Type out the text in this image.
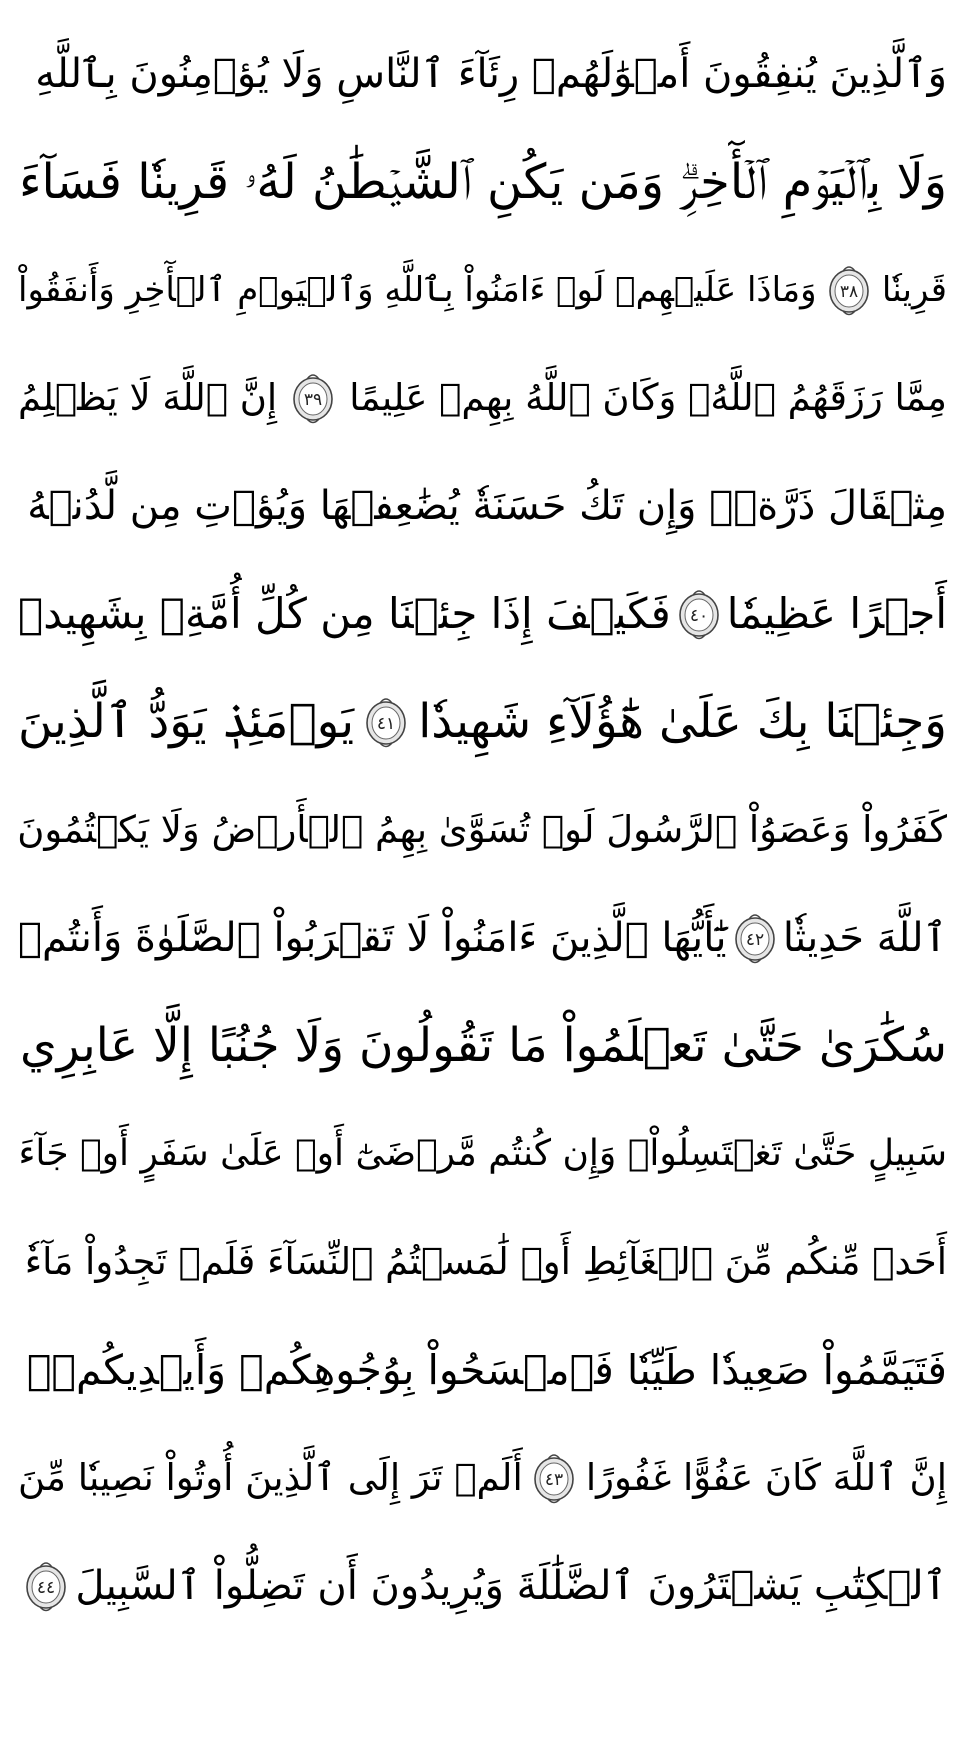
وَٱلَّذِينَ يُنفِقُونَ أَمۡوَٰلَهُمۡ رِئَآءَ ٱلنَّاسِ وَلَا يُؤۡمِنُونَ بِٱللَّهِ
وَلَا بِٱلۡيَوۡمِ ٱلۡأٓخِرِۗ وَمَن يَكُنِ ٱلشَّيۡطَٰنُ لَهُۥ قَرِينٗا فَسَآءَ
قَرِينٗا
٣٨
وَمَاذَا عَلَيۡهِمۡ لَوۡ ءَامَنُواْ بِٱللَّهِ وَٱلۡيَوۡمِ ٱلۡأٓخِرِ وَأَنفَقُواْ
مِمَّا رَزَقَهُمُ ٱللَّهُۚ وَكَانَ ٱللَّهُ بِهِمۡ عَلِيمًا
٣٩
إِنَّ ٱللَّهَ لَا يَظۡلِمُ
مِثۡقَالَ ذَرَّةٖۖ وَإِن تَكُ حَسَنَةٗ يُضَٰعِفۡهَا وَيُؤۡتِ مِن لَّدُنۡهُ
أَجۡرًا عَظِيمٗا
٤٠
فَكَيۡفَ إِذَا جِئۡنَا مِن كُلِّ أُمَّةِۭ بِشَهِيدٖ
وَجِئۡنَا بِكَ عَلَىٰ هَٰٓؤُلَآءِ شَهِيدٗا
٤١
يَوۡمَئِذٖ يَوَدُّ ٱلَّذِينَ
كَفَرُواْ وَعَصَوُاْ ٱلرَّسُولَ لَوۡ تُسَوَّىٰ بِهِمُ ٱلۡأَرۡضُ وَلَا يَكۡتُمُونَ
ٱللَّهَ حَدِيثٗا
٤٢
يَٰٓأَيُّهَا ٱلَّذِينَ ءَامَنُواْ لَا تَقۡرَبُواْ ٱلصَّلَوٰةَ وَأَنتُمۡ
سُكَٰرَىٰ حَتَّىٰ تَعۡلَمُواْ مَا تَقُولُونَ وَلَا جُنُبًا إِلَّا عَابِرِي
سَبِيلٍ حَتَّىٰ تَغۡتَسِلُواْۚ وَإِن كُنتُم مَّرۡضَىٰٓ أَوۡ عَلَىٰ سَفَرٍ أَوۡ جَآءَ
أَحَدٞ مِّنكُم مِّنَ ٱلۡغَآئِطِ أَوۡ لَٰمَسۡتُمُ ٱلنِّسَآءَ فَلَمۡ تَجِدُواْ مَآءٗ
فَتَيَمَّمُواْ صَعِيدٗا طَيِّبٗا فَٱمۡسَحُواْ بِوُجُوهِكُمۡ وَأَيۡدِيكُمۡۗ
إِنَّ ٱللَّهَ كَانَ عَفُوًّا غَفُورًا
٤٣
أَلَمۡ تَرَ إِلَى ٱلَّذِينَ أُوتُواْ نَصِيبٗا مِّنَ
ٱلۡكِتَٰبِ يَشۡتَرُونَ ٱلضَّلَٰلَةَ وَيُرِيدُونَ أَن تَضِلُّواْ ٱلسَّبِيلَ
٤٤
